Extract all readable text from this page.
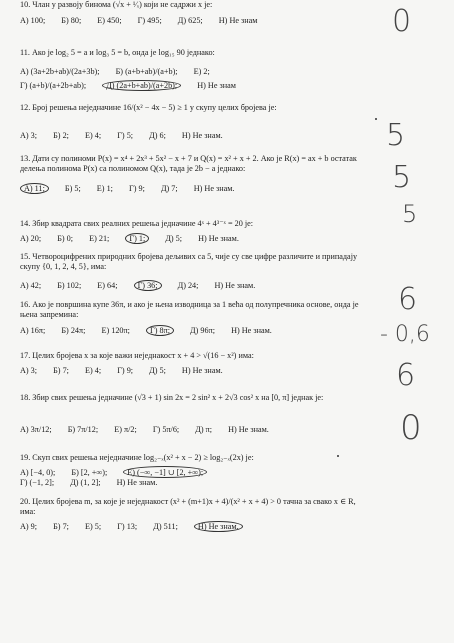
10. Члан у развоју бинома (√x + ¹⁄ₓ) који не садржи x је:
А) 100; Б) 80; Е) 450; Г) 495; Д) 625; Н) Не знам
11. Ако је log₂ 5 = a и log₃ 5 = b, онда је log₁₅ 90 једнако:
А) (3a+2b+ab)/(2a+3b); Б) (a+b+ab)/(a+b); Е) 2;
Г) (a+b)/(a+2b+ab); Д) (2a+b+ab)/(a+2b); Н) Не знам
12. Број решења неједначине 16/(x² − 4x − 5) ≥ 1 у скупу целих бројева је:
А) 3; Б) 2; Е) 4; Г) 5; Д) 6; Н) Не знам.
13. Дати су полиноми P(x) = x⁴ + 2x³ + 5x² − x + 7 и Q(x) = x² + x + 2. Ако је R(x) = ax + b остатак делења полинома P(x) са полиномом Q(x), тада је 2b − a једнако:
А) 11; Б) 5; Е) 1; Г) 9; Д) 7; Н) Не знам.
14. Збир квадрата свих реалних решења једначине 4ˣ + 4³⁻ˣ = 20 је:
А) 20; Б) 0; Е) 21; Г) 1; Д) 5; Н) Не знам.
15. Четвороцифрених природних бројева дељивих са 5, чије су све цифре различите и припадају скупу {0, 1, 2, 4, 5}, има:
А) 42; Б) 102; Е) 64; Г) 36; Д) 24; Н) Не знам.
16. Ако је површина купе 36π, и ако је њена изводница за 1 већа од полупречника основе, онда је њена запремина:
А) 16π; Б) 24π; Е) 120π; Г) 8π; Д) 96π; Н) Не знам.
17. Целих бројева x за које важи неједнакост x + 4 > √(16 − x²) има:
А) 3; Б) 7; Е) 4; Г) 9; Д) 5; Н) Не знам.
18. Збир свих решења једначине (√3 + 1) sin 2x = 2 sin² x + 2√3 cos² x на [0, π] једнак је:
А) 3π/12; Б) 7π/12; Е) π/2; Г) 5π/6; Д) π; Н) Не знам.
19. Скуп свих решења неједначине log₂₋ₓ(x² + x − 2) ≥ log₂₋ₓ(2x) је:
А) [−4, 0); Б) [2, +∞); Е) (−∞, −1] ∪ [2, +∞);
Г) (−1, 2]; Д) (1, 2]; Н) Не знам.
20. Целих бројева m, за које је неједнакост (x² + (m+1)x + 4)/(x² + x + 4) > 0 тачна за свако x ∈ R, има:
А) 9; Б) 7; Е) 5; Г) 13; Д) 511; Н) Не знам.
0
5
5
5
6
- 0,6
6
0
